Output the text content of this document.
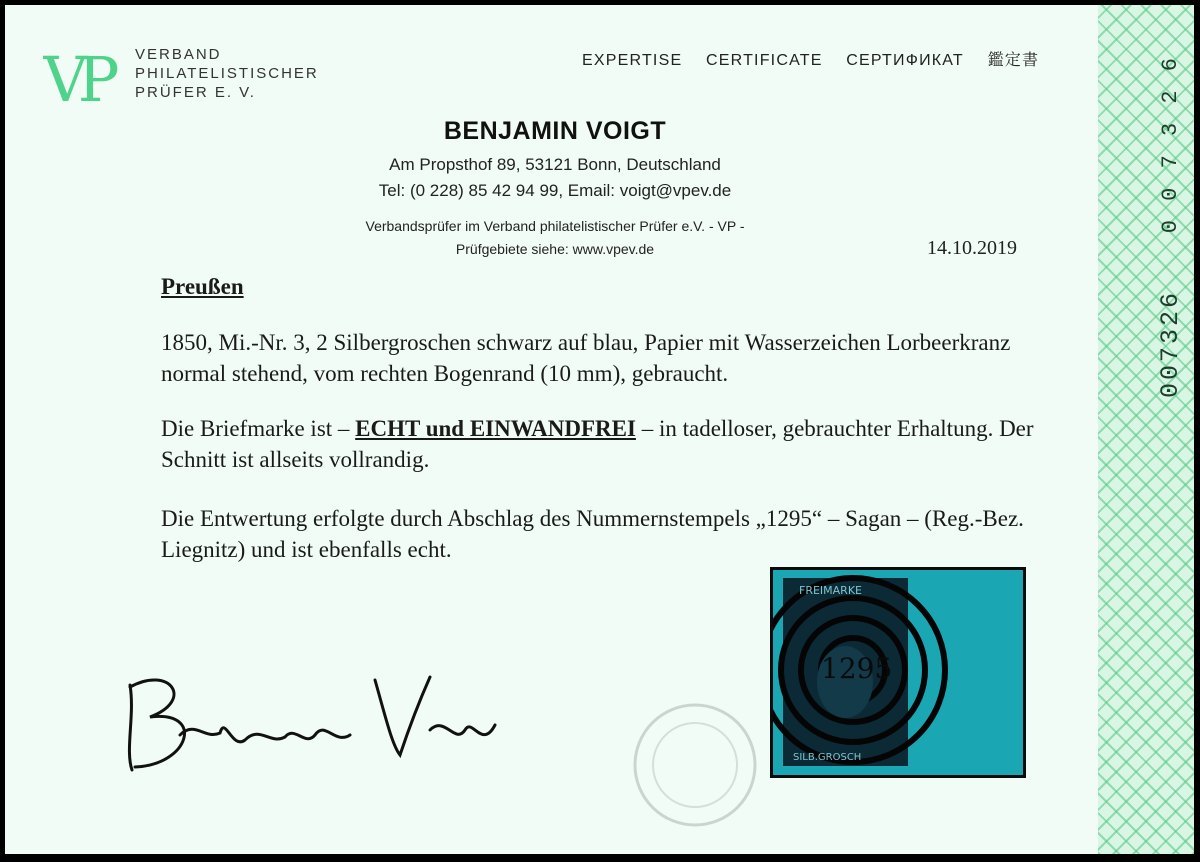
0 0 7 3 2 6
007326
VP	VERBAND
PHILATELISTISCHER
PRÜFER E. V.
EXPERTISE CERTIFICATE СЕРТИФИКАТ 鑑定書
BENJAMIN VOIGT
Am Propsthof 89, 53121 Bonn, Deutschland
Tel: (0 228) 85 42 94 99, Email: voigt@vpev.de
Verbandsprüfer im Verband philatelistischer Prüfer e.V. - VP -
Prüfgebiete siehe: www.vpev.de	14.10.2019
Preußen
1850, Mi.-Nr. 3, 2 Silbergroschen schwarz auf blau, Papier mit Wasserzeichen Lorbeerkranz normal stehend, vom rechten Bogenrand (10 mm), gebraucht.
Die Briefmarke ist – ECHT und EINWANDFREI – in tadelloser, gebrauchter Erhaltung. Der Schnitt ist allseits vollrandig.
Die Entwertung erfolgte durch Abschlag des Nummernstempels „1295“ – Sagan – (Reg.-Bez. Liegnitz) und ist ebenfalls echt.
1295
FREIMARKE
SILB.GROSCH
